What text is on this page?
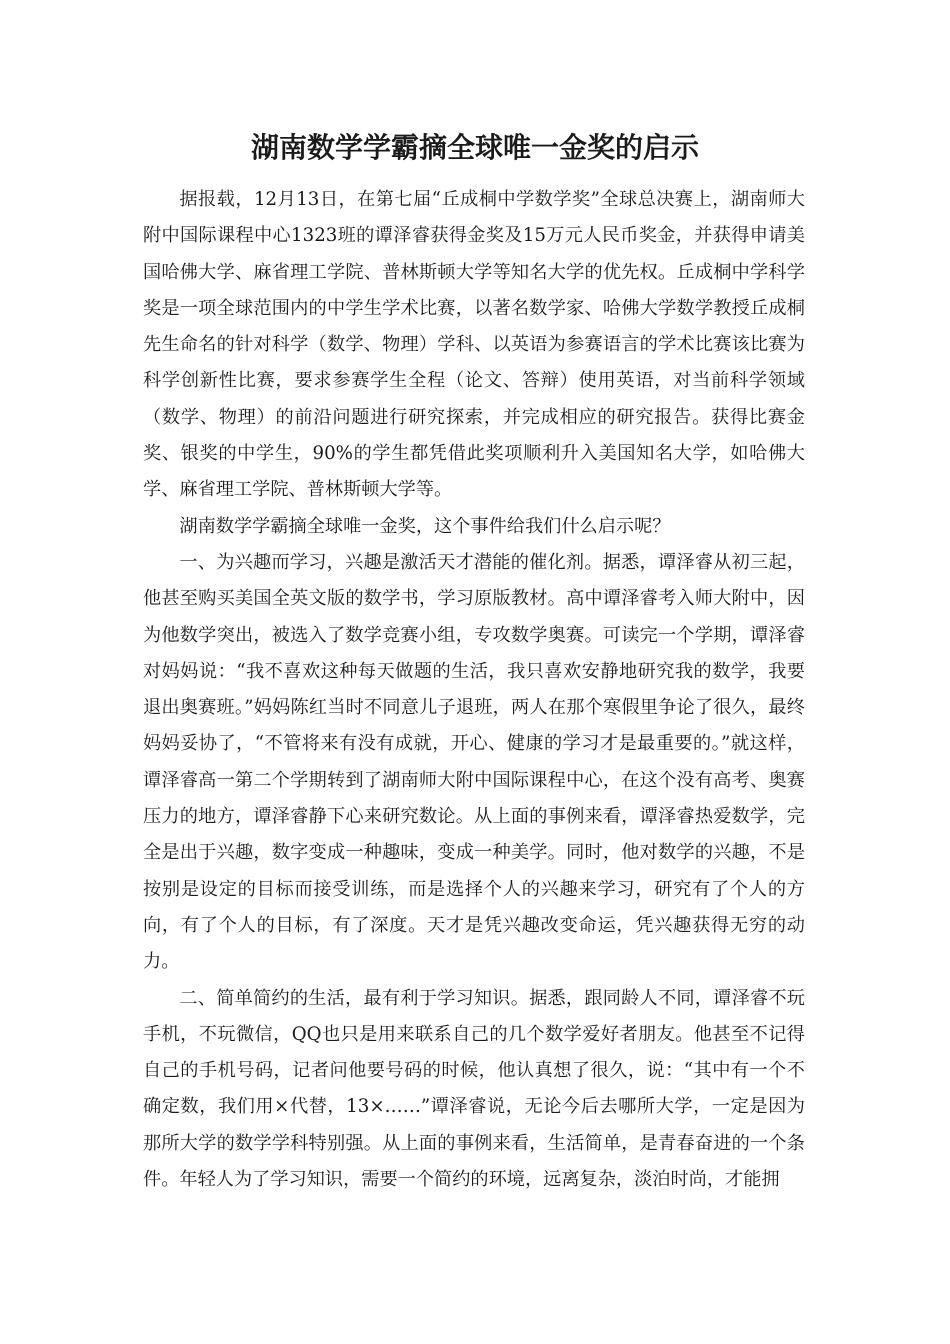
湖南数学学霸摘全球唯一金奖的启示

据报载，12月13日，在第七届“丘成桐中学数学奖”全球总决赛上，湖南师大附中国际课程中心1323班的谭泽睿获得金奖及15万元人民币奖金，并获得申请美国哈佛大学、麻省理工学院、普林斯顿大学等知名大学的优先权。丘成桐中学科学奖是一项全球范围内的中学生学术比赛，以著名数学家、哈佛大学数学教授丘成桐先生命名的针对科学（数学、物理）学科、以英语为参赛语言的学术比赛该比赛为科学创新性比赛，要求参赛学生全程（论文、答辩）使用英语，对当前科学领域（数学、物理）的前沿问题进行研究探索，并完成相应的研究报告。获得比赛金奖、银奖的中学生，90%的学生都凭借此奖项顺利升入美国知名大学，如哈佛大学、麻省理工学院、普林斯顿大学等。

湖南数学学霸摘全球唯一金奖，这个事件给我们什么启示呢？

一、为兴趣而学习，兴趣是激活天才潜能的催化剂。据悉，谭泽睿从初三起，他甚至购买美国全英文版的数学书，学习原版教材。高中谭泽睿考入师大附中，因为他数学突出，被选入了数学竞赛小组，专攻数学奥赛。可读完一个学期，谭泽睿对妈妈说：“我不喜欢这种每天做题的生活，我只喜欢安静地研究我的数学，我要退出奥赛班。”妈妈陈红当时不同意儿子退班，两人在那个寒假里争论了很久，最终妈妈妥协了，“不管将来有没有成就，开心、健康的学习才是最重要的。”就这样，谭泽睿高一第二个学期转到了湖南师大附中国际课程中心，在这个没有高考、奥赛压力的地方，谭泽睿静下心来研究数论。从上面的事例来看，谭泽睿热爱数学，完全是出于兴趣，数字变成一种趣味，变成一种美学。同时，他对数学的兴趣，不是按别是设定的目标而接受训练，而是选择个人的兴趣来学习，研究有了个人的方向，有了个人的目标，有了深度。天才是凭兴趣改变命运，凭兴趣获得无穷的动力。

二、简单简约的生活，最有利于学习知识。据悉，跟同龄人不同，谭泽睿不玩手机，不玩微信，QQ也只是用来联系自己的几个数学爱好者朋友。他甚至不记得自己的手机号码，记者问他要号码的时候，他认真想了很久，说：“其中有一个不确定数，我们用×代替，13×……”谭泽睿说，无论今后去哪所大学，一定是因为那所大学的数学学科特别强。从上面的事例来看，生活简单，是青春奋进的一个条件。年轻人为了学习知识，需要一个简约的环境，远离复杂，淡泊时尚，才能拥
